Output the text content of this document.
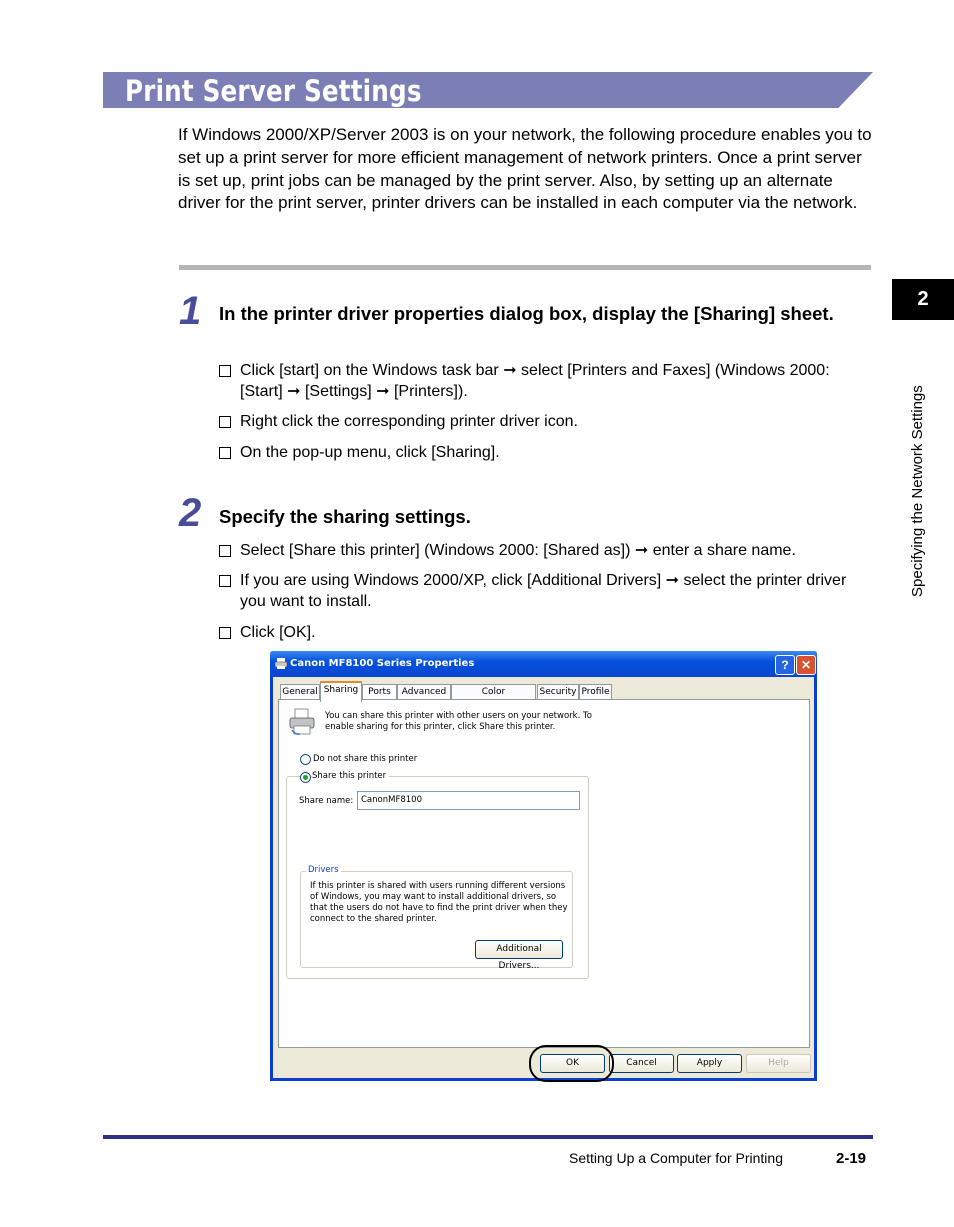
Print Server Settings
If Windows 2000/XP/Server 2003 is on your network, the following procedure enables you to set up a print server for more efficient management of network printers. Once a print server is set up, print jobs can be managed by the print server. Also, by setting up an alternate driver for the print server, printer drivers can be installed in each computer via the network.
1 In the printer driver properties dialog box, display the [Sharing] sheet.
Click [start] on the Windows task bar ➞ select [Printers and Faxes] (Windows 2000: [Start] ➞ [Settings] ➞ [Printers]).
Right click the corresponding printer driver icon.
On the pop-up menu, click [Sharing].
2 Specify the sharing settings.
Select [Share this printer] (Windows 2000: [Shared as]) ➞ enter a share name.
If you are using Windows 2000/XP, click [Additional Drivers] ➞ select the printer driver you want to install.
Click [OK].
2
Specifying the Network Settings
Canon MF8100 Series Properties	?	✕
General Sharing	Ports	Advanced	Color	Security Profile
You can share this printer with other users on your network. To enable sharing for this printer, click Share this printer.
Do not share this printer
Share this printer
Share name: CanonMF8100
Drivers
If this printer is shared with users running different versions of Windows, you may want to install additional drivers, so that the users do not have to find the print driver when they connect to the shared printer.
Additional Drivers...
OK	Cancel	Apply	Help
Setting Up a Computer for Printing	2-19
